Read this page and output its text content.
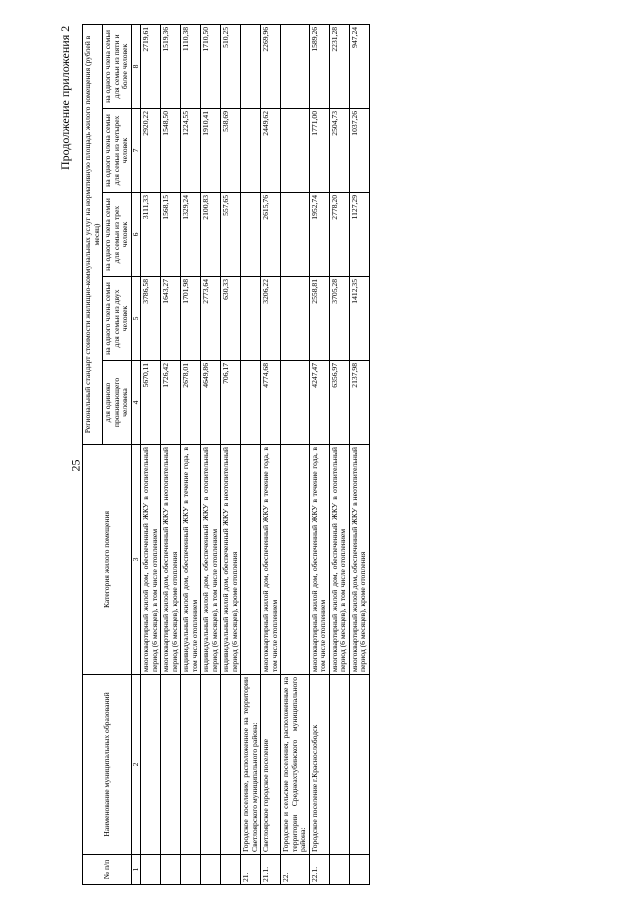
25
Продолжение приложения 2
№ п/п	Наименование муниципальных образований	Категория жилого помещения	Региональный стандарт стоимости жилищно-коммунальных услуг на нормативную площадь жилого помещения (рублей в месяц)				
			для одиноко проживающего человека	на одного члена семьи для семьи из двух человек	на одного члена семьи для семьи из трех человек	на одного члена семьи для семьи из четырех человек	на одного члена семьи для семьи из пяти и более человек
1	2	3	4	5	6	7	8
		многоквартирный жилой дом, обеспеченный ЖКУ в отопительный период (6 месяцев), в том числе отоплением	5670,11	3786,58	3111,33	2920,22	2719,61
		многоквартирный жилой дом, обеспеченный ЖКУ в неотопительный период (6 месяцев), кроме отопления	1726,42	1643,27	1568,15	1548,50	1519,36
		индивидуальный жилой дом, обеспеченный ЖКУ в течение года, в том числе отоплением	2678,01	1701,98	1329,24	1224,55	1110,38
		индивидуальный жилой дом, обеспеченный ЖКУ в отопительный период (6 месяцев), в том числе отоплением	4649,86	2773,64	2100,83	1910,41	1710,50
		индивидуальный жилой дом, обеспеченный ЖКУ в неотопительный период (6 месяцев), кроме отопления	706,17	630,33	557,65	538,69	510,25
21.	Городское поселение, расположенное на территории Светлоярского муниципального района:						
21.1.	Светлоярское городское поселение	многоквартирный жилой дом, обеспеченный ЖКУ в течение года, в том числе отоплением	4774,68	3206,22	2615,76	2449,62	2269,96
22.	Городское и сельские поселения, расположенные на территории Среднеахтубинского муниципального района:						
22.1.	Городское поселение г.Краснослободск	многоквартирный жилой дом, обеспеченный ЖКУ в течение года, в том числе отоплением	4247,47	2558,81	1952,74	1771,00	1589,26
		многоквартирный жилой дом, обеспеченный ЖКУ в отопительный период (6 месяцев), в том числе отоплением	6356,97	3705,28	2778,20	2504,73	2231,28
		многоквартирный жилой дом, обеспеченный ЖКУ в неотопительный период (6 месяцев), кроме отопления	2137,98	1412,35	1127,29	1037,26	947,24
